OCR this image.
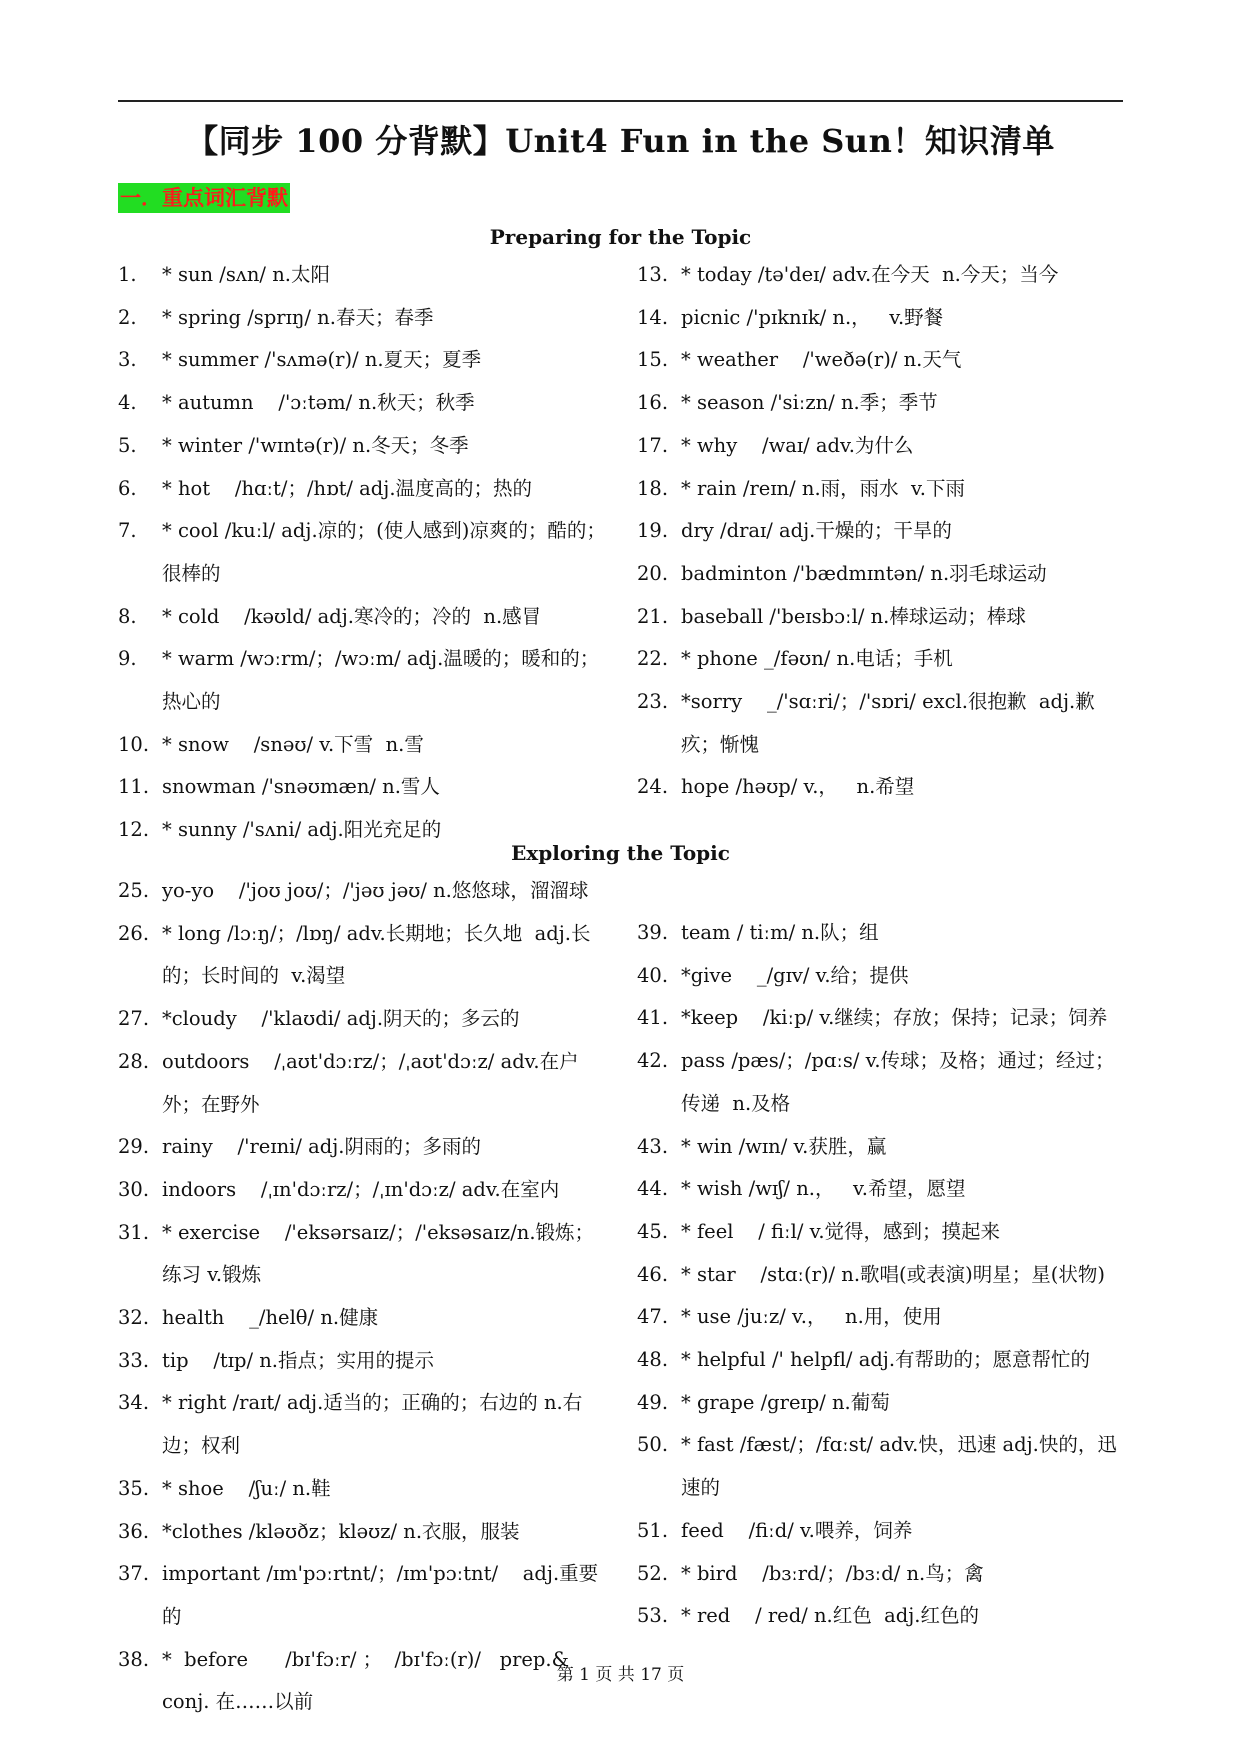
【同步 100 分背默】Unit4 Fun in the Sun！知识清单
一．重点词汇背默
Preparing for the Topic
1.	* sun /sʌn/ n.太阳
2.	* spring /sprɪŋ/ n.春天；春季
3.	* summer /'sʌmə(r)/ n.夏天；夏季
4.	* autumn    /'ɔːtəm/ n.秋天；秋季
5.	* winter /'wɪntə(r)/ n.冬天；冬季
6.	* hot    /hɑːt/；/hɒt/ adj.温度高的；热的
7.	* cool /kuːl/ adj.凉的；(使人感到)凉爽的；酷的；很棒的
8.	* cold    /kəʊld/ adj.寒冷的；冷的  n.感冒
9.	* warm /wɔːrm/；/wɔːm/ adj.温暖的；暖和的；热心的
10. * snow    /snəʊ/ v.下雪  n.雪
11. snowman /'snəʊmæn/ n.雪人
12. * sunny /'sʌni/ adj.阳光充足的
13. * today /tə'deɪ/ adv.在今天  n.今天；当今
14. picnic /'pɪknɪk/ n.，   v.野餐
15. * weather    /'weðə(r)/ n.天气
16. * season /'siːzn/ n.季；季节
17. * why    /waɪ/ adv.为什么
18. * rain /reɪn/ n.雨，雨水  v.下雨
19. dry /draɪ/ adj.干燥的；干旱的
20. badminton /'bædmɪntən/ n.羽毛球运动
21. baseball /'beɪsbɔːl/ n.棒球运动；棒球
22. * phone _/fəʊn/ n.电话；手机
23. *sorry    _/'sɑːri/；/'sɒri/ excl.很抱歉  adj.歉疚；惭愧
24. hope /həʊp/ v.，   n.希望
Exploring the Topic
25. yo-yo    /'joʊ joʊ/；/'jəʊ jəʊ/ n.悠悠球，溜溜球
26. * long /lɔːŋ/；/lɒŋ/ adv.长期地；长久地  adj.长的；长时间的  v.渴望
27. *cloudy    /'klaʊdi/ adj.阴天的；多云的
28. outdoors    /ˌaʊt'dɔːrz/；/ˌaʊt'dɔːz/ adv.在户外；在野外
29. rainy    /'reɪni/ adj.阴雨的；多雨的
30. indoors    /ˌɪn'dɔːrz/；/ˌɪn'dɔːz/ adv.在室内
31. * exercise    /'eksərsaɪz/；/'eksəsaɪz/n.锻炼；练习 v.锻炼
32. health    _/helθ/ n.健康
33. tip    /tɪp/ n.指点；实用的提示
34. * right /raɪt/ adj.适当的；正确的；右边的 n.右边；权利
35. * shoe    /ʃuː/ n.鞋
36. *clothes /kləʊðz；kləʊz/ n.衣服，服装
37. important /ɪm'pɔːrtnt/；/ɪm'pɔːtnt/    adj.重要的
38. *  before      /bɪ'fɔːr/ ；  /bɪ'fɔː(r)/   prep.& conj. 在……以前
39. team / tiːm/ n.队；组
40. *give    _/gɪv/ v.给；提供
41. *keep    /kiːp/ v.继续；存放；保持；记录；饲养
42. pass /pæs/；/pɑːs/ v.传球；及格；通过；经过；传递  n.及格
43. * win /wɪn/ v.获胜，赢
44. * wish /wɪʃ/ n.，   v.希望，愿望
45. * feel    / fiːl/ v.觉得，感到；摸起来
46. * star    /stɑː(r)/ n.歌唱(或表演)明星；星(状物)
47. * use /juːz/ v.，   n.用，使用
48. * helpful /' helpfl/ adj.有帮助的；愿意帮忙的
49. * grape /greɪp/ n.葡萄
50. * fast /fæst/；/fɑːst/ adv.快，迅速 adj.快的，迅速的
51. feed    /fiːd/ v.喂养，饲养
52. * bird    /bɜːrd/；/bɜːd/ n.鸟；禽
53. * red    / red/ n.红色  adj.红色的
第 1 页 共 17 页
